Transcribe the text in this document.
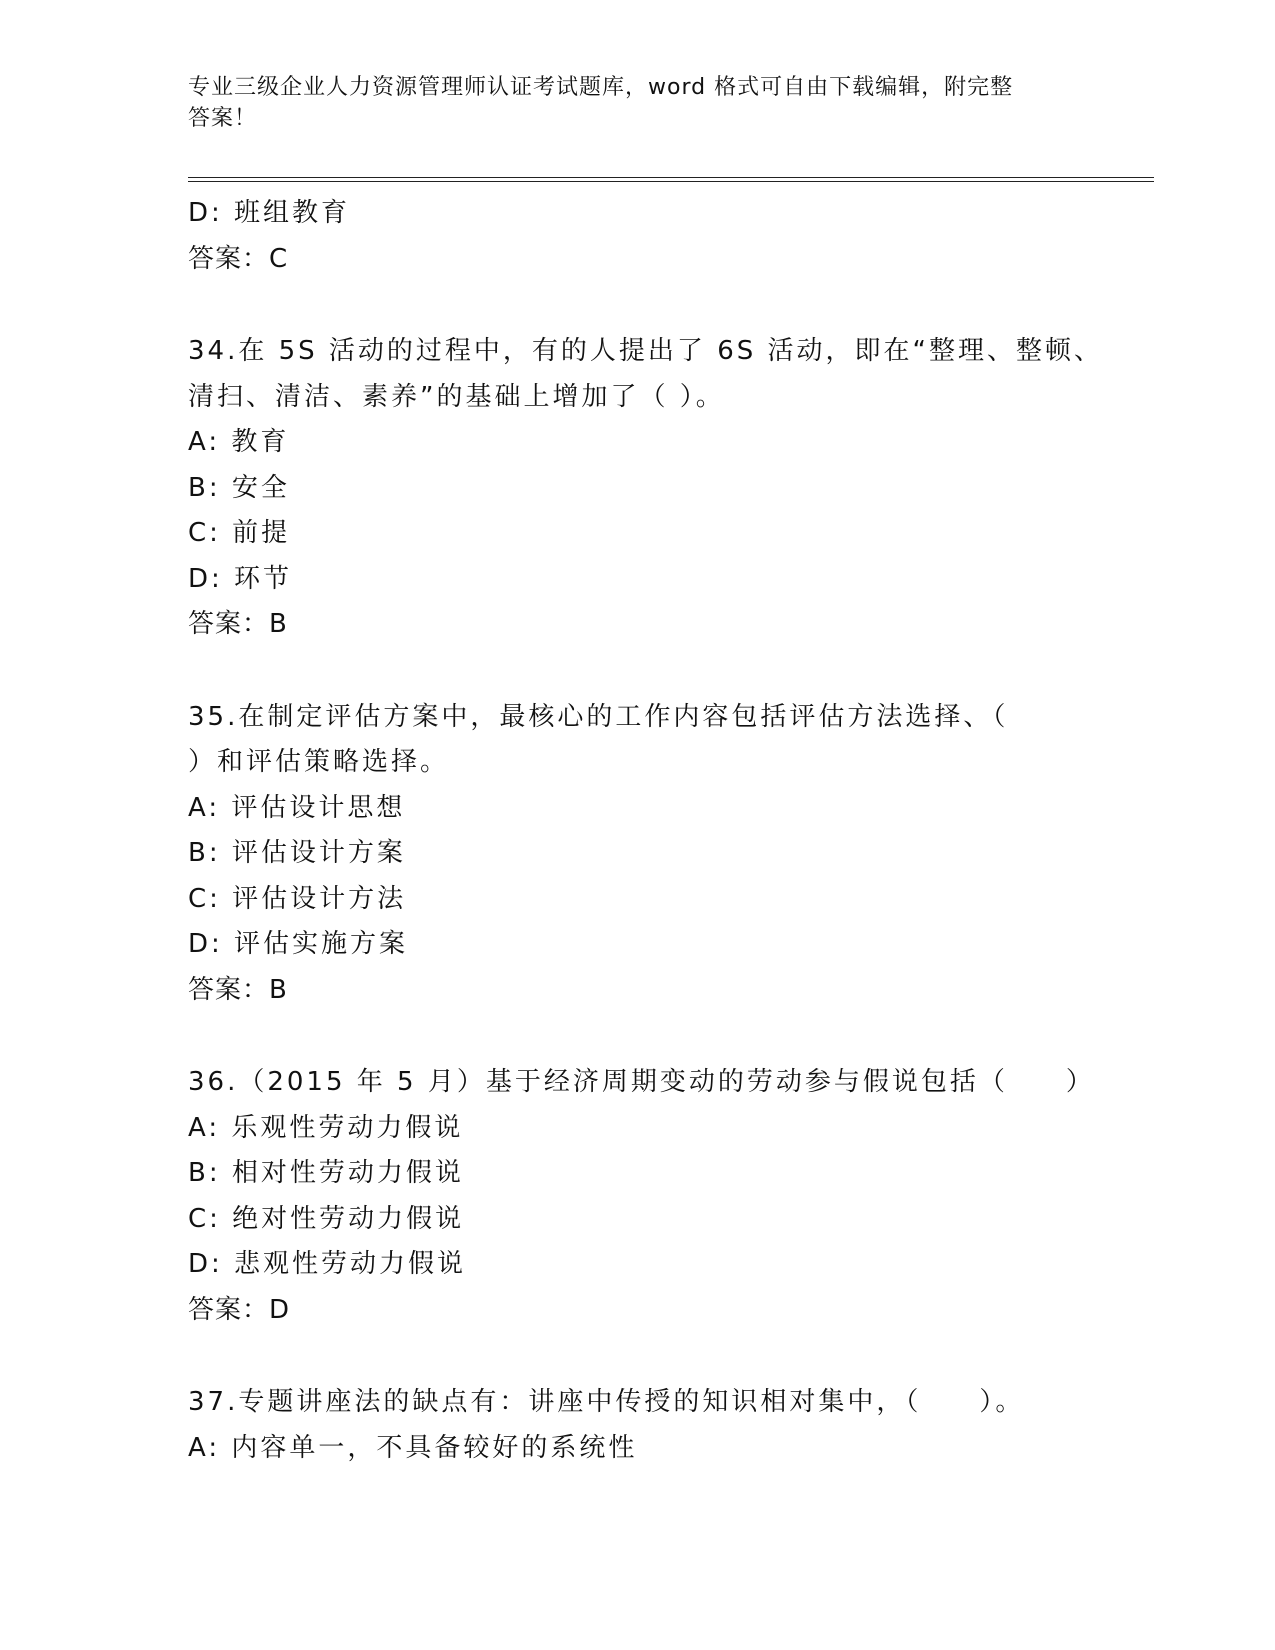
专业三级企业人力资源管理师认证考试题库，word 格式可自由下载编辑，附完整
答案！
D: 班组教育
答案：C
34.在 5S 活动的过程中，有的人提出了 6S 活动，即在“整理、整顿、
清扫、清洁、素养”的基础上增加了（ ）。
A: 教育
B: 安全
C: 前提
D: 环节
答案：B
35.在制定评估方案中，最核心的工作内容包括评估方法选择、（
）和评估策略选择。
A: 评估设计思想
B: 评估设计方案
C: 评估设计方法
D: 评估实施方案
答案：B
36.（2015 年 5 月）基于经济周期变动的劳动参与假说包括（　　）
A: 乐观性劳动力假说
B: 相对性劳动力假说
C: 绝对性劳动力假说
D: 悲观性劳动力假说
答案：D
37.专题讲座法的缺点有：讲座中传授的知识相对集中，（　　）。
A: 内容单一，不具备较好的系统性
